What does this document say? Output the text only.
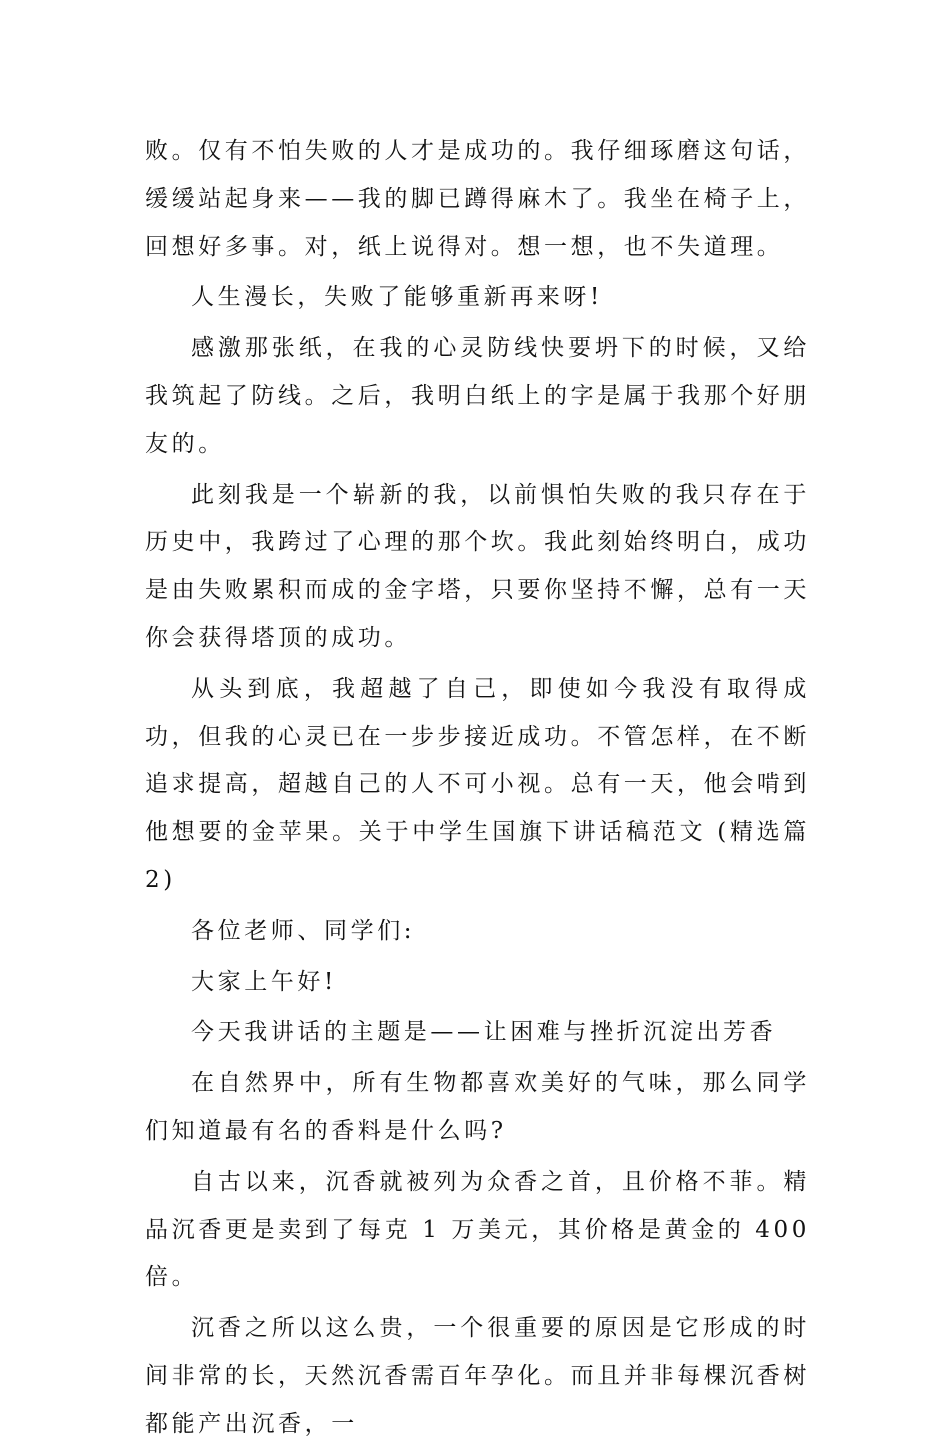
败。仅有不怕失败的人才是成功的。我仔细琢磨这句话，缓缓站起身来——我的脚已蹲得麻木了。我坐在椅子上，回想好多事。对，纸上说得对。想一想，也不失道理。

人生漫长，失败了能够重新再来呀!

感激那张纸，在我的心灵防线快要坍下的时候，又给我筑起了防线。之后，我明白纸上的字是属于我那个好朋友的。

此刻我是一个崭新的我，以前惧怕失败的我只存在于历史中，我跨过了心理的那个坎。我此刻始终明白，成功是由失败累积而成的金字塔，只要你坚持不懈，总有一天你会获得塔顶的成功。

从头到底，我超越了自己，即使如今我没有取得成功，但我的心灵已在一步步接近成功。不管怎样，在不断追求提高，超越自己的人不可小视。总有一天，他会啃到他想要的金苹果。关于中学生国旗下讲话稿范文 (精选篇 2)

各位老师、同学们:

大家上午好!

今天我讲话的主题是——让困难与挫折沉淀出芳香

在自然界中，所有生物都喜欢美好的气味，那么同学们知道最有名的香料是什么吗?

自古以来，沉香就被列为众香之首，且价格不菲。精品沉香更是卖到了每克 1 万美元，其价格是黄金的 400 倍。

沉香之所以这么贵，一个很重要的原因是它形成的时间非常的长，天然沉香需百年孕化。而且并非每棵沉香树都能产出沉香，一
